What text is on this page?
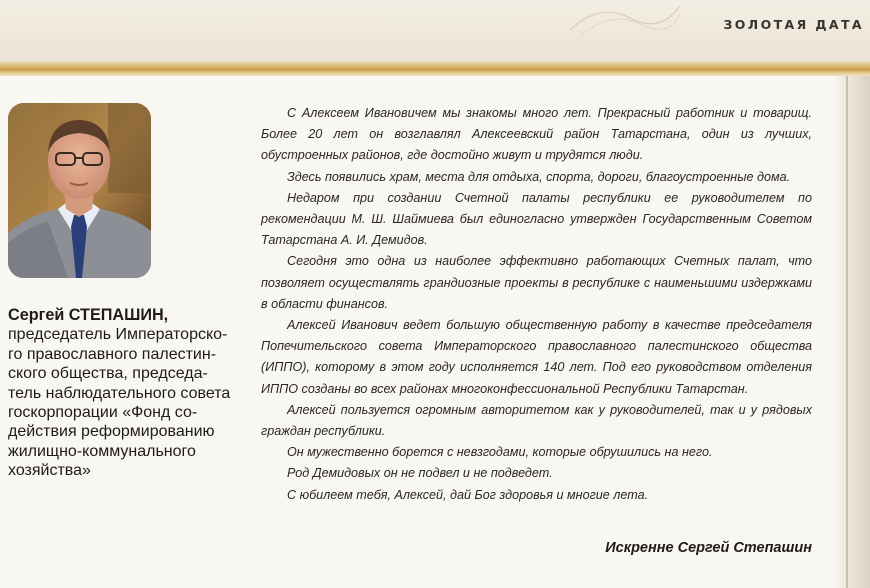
ЗОЛОТАЯ ДАТА
Сергей СТЕПАШИН,
председатель Императорско-
го православного палестин-
ского общества, председа-
тель наблюдательного совета
госкорпорации «Фонд со-
действия реформированию
жилищно-коммунального
хозяйства»

С Алексеем Ивановичем мы знакомы много лет. Прекрасный работник и товарищ. Более 20 лет он возглавлял Алексеевский район Татарстана, один из лучших, обустроенных районов, где достойно живут и трудятся люди.

Здесь появились храм, места для отдыха, спорта, дороги, благоустроенные дома.

Недаром при создании Счетной палаты республики ее руководителем по рекомендации М. Ш. Шаймиева был единогласно утвержден Государственным Советом Татарстана А. И. Демидов.

Сегодня это одна из наиболее эффективно работающих Счетных палат, что позволяет осуществлять грандиозные проекты в республике с наименьшими издержками в области финансов.

Алексей Иванович ведет большую общественную работу в качестве председателя Попечительского совета Императорского православного палестинского общества (ИППО), которому в этом году исполняется 140 лет. Под его руководством отделения ИППО созданы во всех районах многоконфессиональной Республики Татарстан.

Алексей пользуется огромным авторитетом как у руководителей, так и у рядовых граждан республики.

Он мужественно борется с невзгодами, которые обрушились на него.

Род Демидовых он не подвел и не подведет.

С юбилеем тебя, Алексей, дай Бог здоровья и многие лета.

Искренне Сергей Степашин
